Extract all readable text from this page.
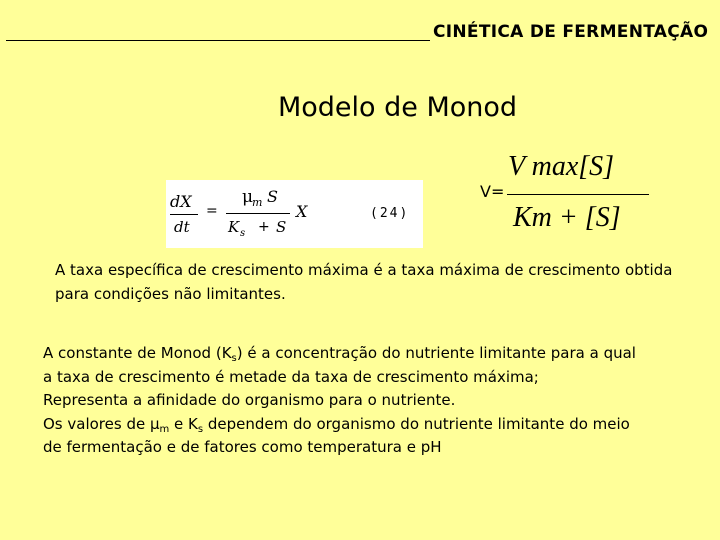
CINÉTICA DE FERMENTAÇÃO
Modelo de Monod
dX
dt
=
μ
m S
K s + S
X	(24)
V=
V max[S]
Km + [S]
A taxa específica de crescimento máxima é a taxa máxima de crescimento obtida para condições não limitantes.
A constante de Monod $(K_s)$ é a concentração do nutriente limitante para a qual
a taxa de crescimento é metade da taxa de crescimento máxima;
Representa a afinidade do organismo para o nutriente.
Os valores de $\mu_m$ e $K_s$ dependem do organismo do nutriente limitante do meio
de fermentação e de fatores como temperatura e pH
